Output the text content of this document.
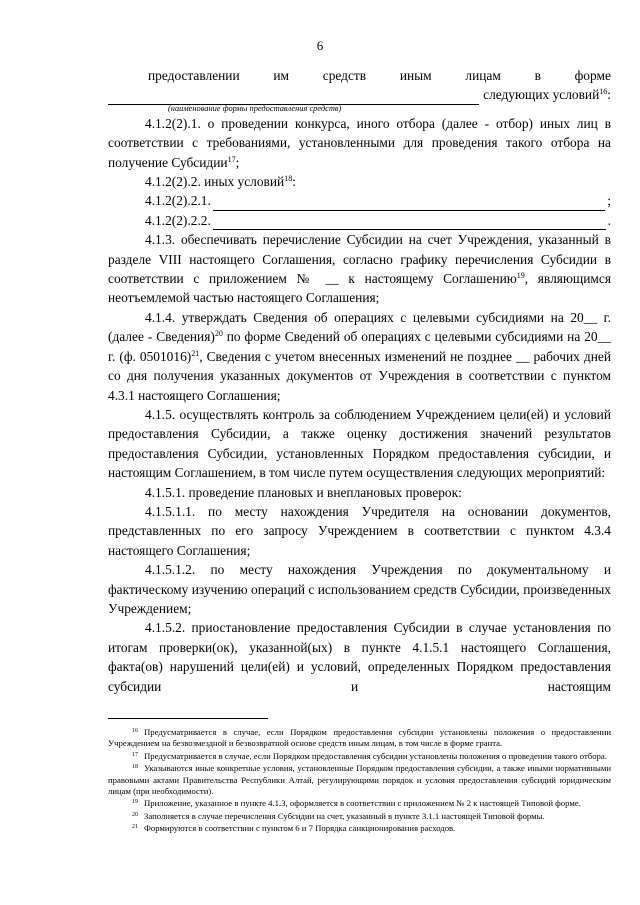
6
предоставлении	им	средств	иным	лицам	в	форме
следующих условий$^{16}$:
(наименование формы предоставления средств)

4.1.2(2).1. о проведении конкурса, иного отбора (далее - отбор) иных лиц в соответствии с требованиями, установленными для проведения такого отбора на получение Субсидии$^{17}$;

4.1.2(2).2. иных условий$^{18}$:

4.1.2(2).2.1.	;
4.1.2(2).2.2.	.

4.1.3. обеспечивать перечисление Субсидии на счет Учреждения, указанный в разделе VIII настоящего Соглашения, согласно графику перечисления Субсидии в соответствии с приложением № __ к настоящему Соглашению$^{19}$, являющимся неотъемлемой частью настоящего Соглашения;

4.1.4. утверждать Сведения об операциях с целевыми субсидиями на 20__ г. (далее - Сведения)$^{20}$ по форме Сведений об операциях с целевыми субсидиями на 20__ г. (ф. 0501016)$^{21}$, Сведения с учетом внесенных изменений не позднее __ рабочих дней со дня получения указанных документов от Учреждения в соответствии с пунктом 4.3.1 настоящего Соглашения;

4.1.5. осуществлять контроль за соблюдением Учреждением цели(ей) и условий предоставления Субсидии, а также оценку достижения значений результатов предоставления Субсидии, установленных Порядком предоставления субсидии, и настоящим Соглашением, в том числе путем осуществления следующих мероприятий:

4.1.5.1. проведение плановых и внеплановых проверок:

4.1.5.1.1. по месту нахождения Учредителя на основании документов, представленных по его запросу Учреждением в соответствии с пунктом 4.3.4 настоящего Соглашения;

4.1.5.1.2. по месту нахождения Учреждения по документальному и фактическому изучению операций с использованием средств Субсидии, произведенных Учреждением;

4.1.5.2. приостановление предоставления Субсидии в случае установления по итогам проверки(ок), указанной(ых) в пункте 4.1.5.1 настоящего Соглашения, факта(ов) нарушений цели(ей) и условий, определенных Порядком предоставления субсидии и настоящим

$^{16}$ Предусматривается в случае, если Порядком предоставления субсидии установлены положения о предоставлении Учреждением на безвозмездной и безвозвратной основе средств иным лицам, в том числе в форме гранта.

$^{17}$ Предусматривается в случае, если Порядком предоставления субсидии установлены положения о проведении такого отбора.

$^{18}$ Указываются иные конкретные условия, установленные Порядком предоставления субсидии, а также иными нормативными правовыми актами Правительства Республики Алтай, регулирующими порядок и условия предоставления субсидий юридическим лицам (при необходимости).

$^{19}$ Приложение, указанное в пункте 4.1.3, оформляется в соответствии с приложением № 2 к настоящей Типовой форме.

$^{20}$ Заполняется в случае перечисления Субсидии на счет, указанный в пункте 3.1.1 настоящей Типовой формы.

$^{21}$ Формируются в соответствии с пунктом 6 и 7 Порядка санкционирования расходов.
